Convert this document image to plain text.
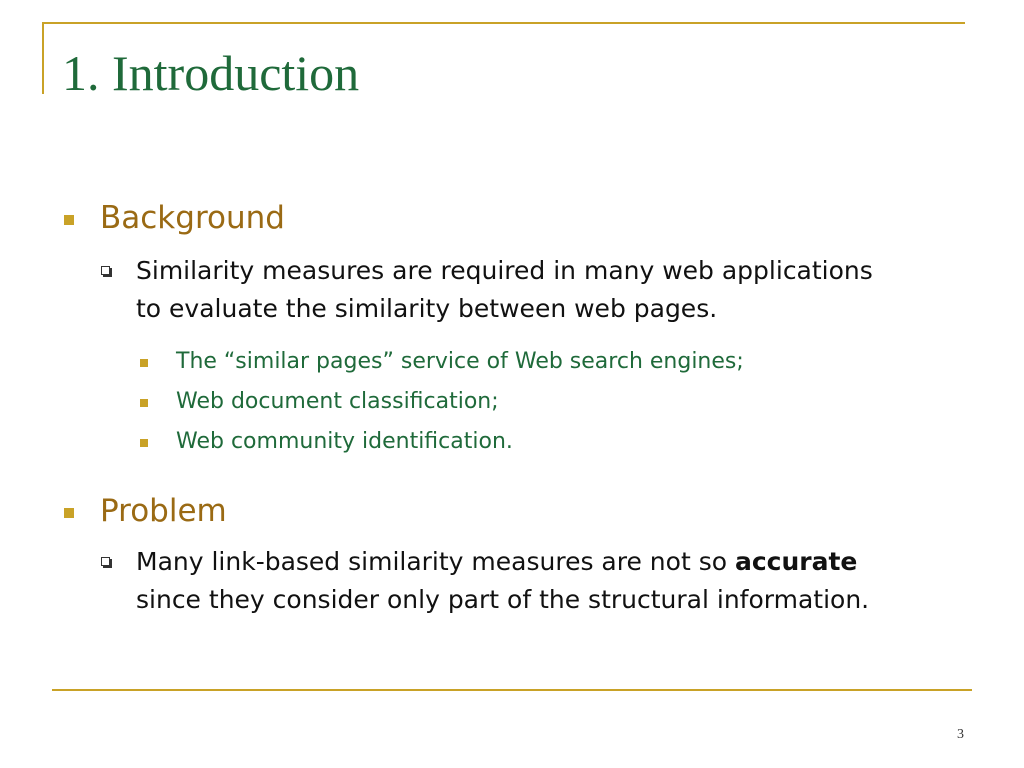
1. Introduction
Background
Similarity measures are required in many web applications
to evaluate the similarity between web pages.
The “similar pages” service of Web search engines;
Web document classification;
Web community identification.
Problem
Many link-based similarity measures are not so accurate
since they consider only part of the structural information.
3
